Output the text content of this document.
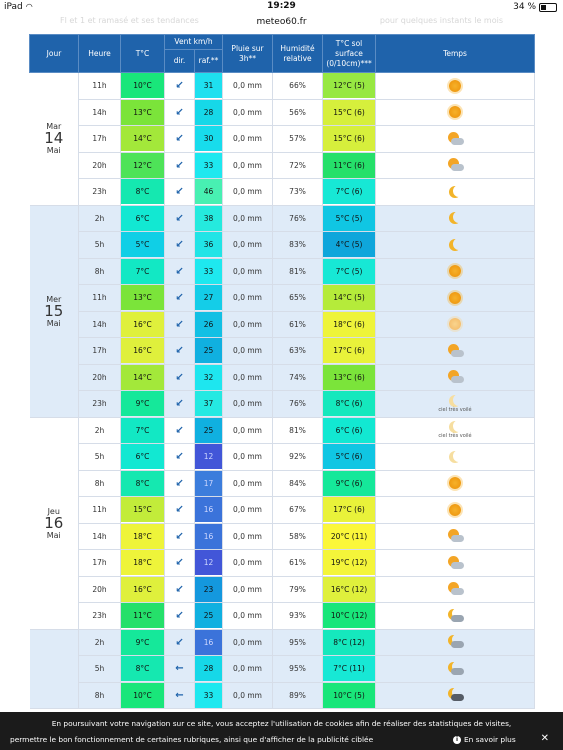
iPad ◠	19:29	34 %
Fl et 1 et ramasé et ses tendances	meteo60.fr	pour quelques instants le mois
Jour	Heure	T°C	Vent km/h		Pluie sur 3h**	Humidité relative	T°C sol surface (0/10cm)***	Temps
			dir.	raf.**				

Mar
14
Mai	11h	10°C	↙	31	0,0 mm	66%	12°C (5)	

	14h	13°C	↙	28	0,0 mm	56%	15°C (6)	

	17h	14°C	↙	30	0,0 mm	57%	15°C (6)	

	20h	12°C	↙	33	0,0 mm	72%	11°C (6)	

	23h	8°C	↙	46	0,0 mm	73%	7°C (6)	

Mer
15
Mai	2h	6°C	↙	38	0,0 mm	76%	5°C (5)	

	5h	5°C	↙	36	0,0 mm	83%	4°C (5)	

	8h	7°C	↙	33	0,0 mm	81%	7°C (5)	

	11h	13°C	↙	27	0,0 mm	65%	14°C (5)	

	14h	16°C	↙	26	0,0 mm	61%	18°C (6)	

	17h	16°C	↙	25	0,0 mm	63%	17°C (6)	

	20h	14°C	↙	32	0,0 mm	74%	13°C (6)	

	23h	9°C	↙	37	0,0 mm	76%	8°C (6)	ciel très voilé

Jeu
16
Mai	2h	7°C	↙	25	0,0 mm	81%	6°C (6)	ciel très voilé

	5h	6°C	↙	12	0,0 mm	92%	5°C (6)	

	8h	8°C	↙	17	0,0 mm	84%	9°C (6)	

	11h	15°C	↙	16	0,0 mm	67%	17°C (6)	

	14h	18°C	↙	16	0,0 mm	58%	20°C (11)	

	17h	18°C	↙	12	0,0 mm	61%	19°C (12)	

	20h	16°C	↙	23	0,0 mm	79%	16°C (12)	

	23h	11°C	↙	25	0,0 mm	93%	10°C (12)	

	2h	9°C	↙	16	0,0 mm	95%	8°C (12)	

	5h	8°C	←	28	0,0 mm	95%	7°C (11)	

	8h	10°C	←	33	0,0 mm	89%	10°C (5)	

En poursuivant votre navigation sur ce site, vous acceptez l'utilisation de cookies afin de réaliser des statistiques de visites,
permettre le bon fonctionnement de certaines rubriques, ainsi que d'afficher de la publicité ciblée	i En savoir plus ✕
